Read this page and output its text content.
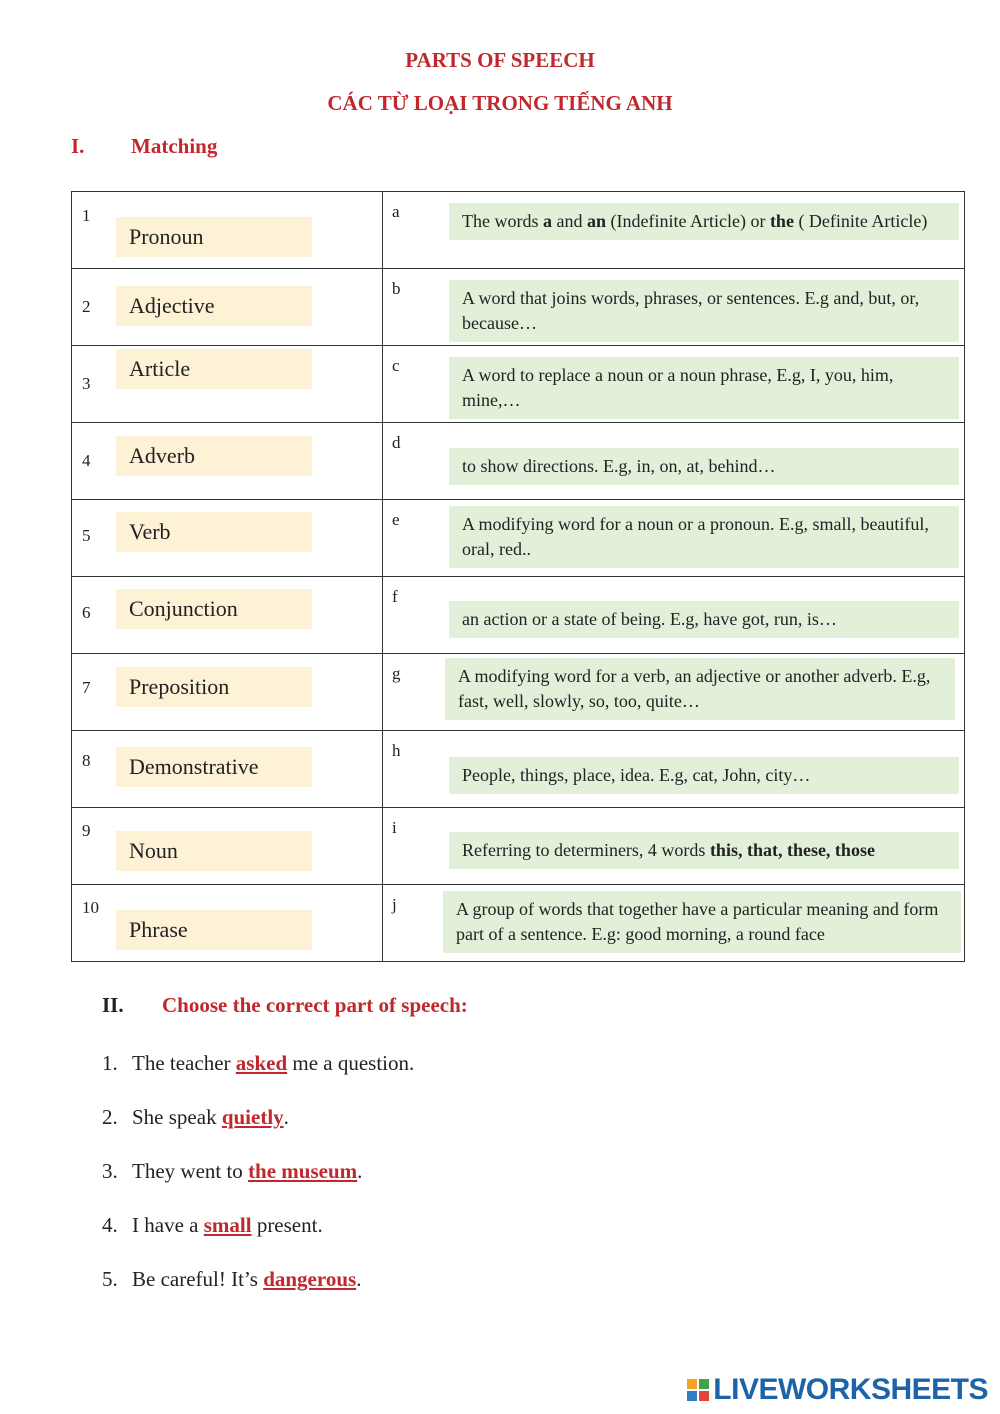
PARTS OF SPEECH
CÁC TỪ LOẠI TRONG TIẾNG ANH
I. Matching
1
Pronoun	a The words a and an (Indefinite Article) or the ( Definite Article)

2 Adjective	b A word that joins words, phrases, or sentences. E.g and, but, or, because…

3
Article	c A word to replace a noun or a noun phrase, E.g, I, you, him, mine,…

4 Adverb	d
to show directions. E.g, in, on, at, behind…

5 Verb	e A modifying word for a noun or a pronoun. E.g, small, beautiful, oral, red..

6 Conjunction	f
an action or a state of being. E.g, have got, run, is…

7 Preposition	g A modifying word for a verb, an adjective or another adverb. E.g, fast, well, slowly, so, too, quite…

8 Demonstrative	h
People, things, place, idea. E.g, cat, John, city…

9
Noun	i
Referring to determiners, 4 words this, that, these, those

10
Phrase	j A group of words that together have a particular meaning and form part of a sentence. E.g: good morning, a round face
II. Choose the correct part of speech:
1. The teacher asked me a question.
2. She speak quietly.
3. They went to the museum.
4. I have a small present.
5. Be careful! It’s dangerous.
LIVEWORKSHEETS
